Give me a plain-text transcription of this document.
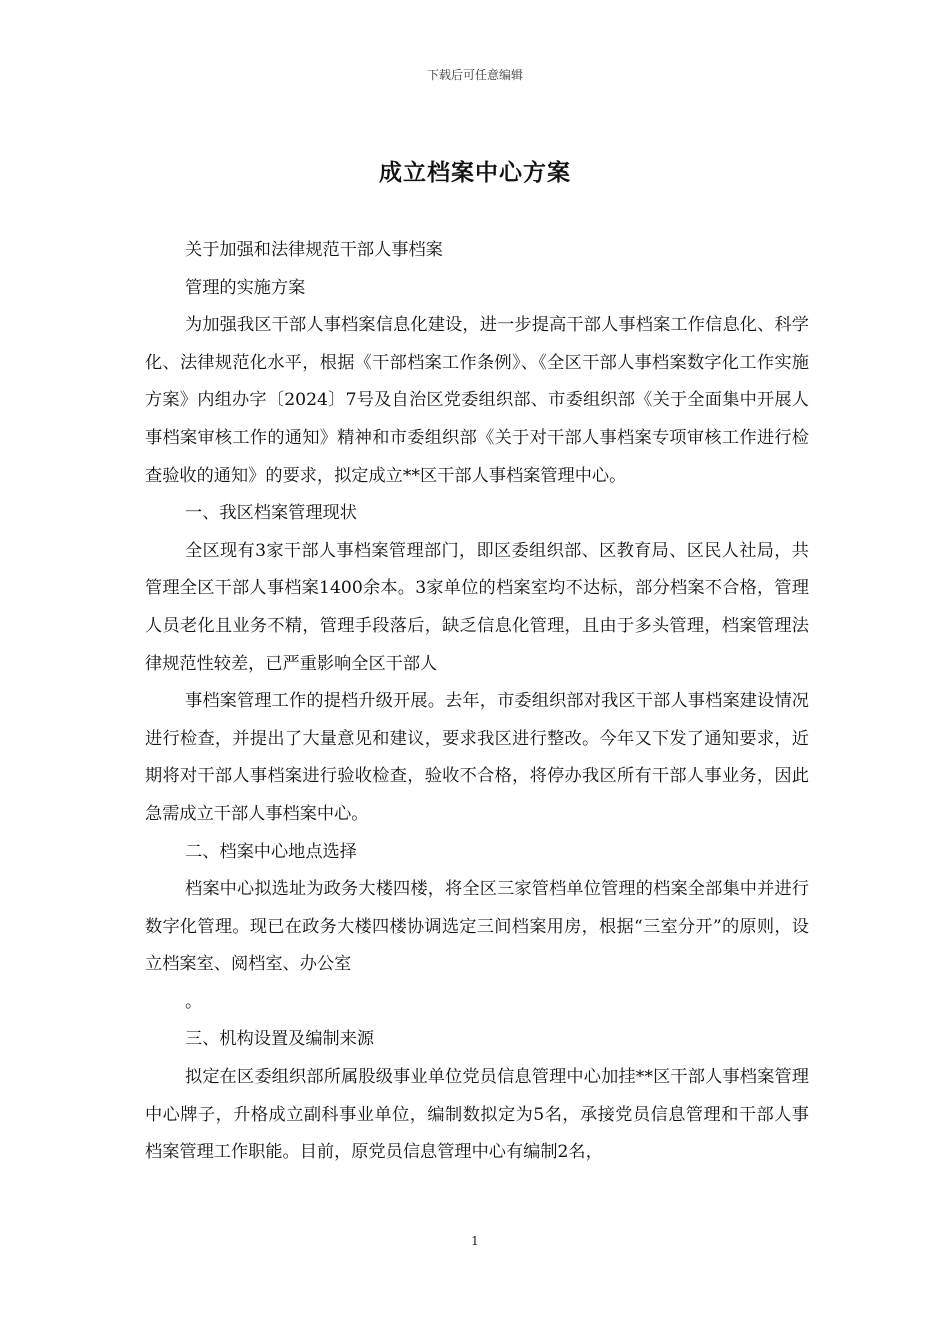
下载后可任意编辑
成立档案中心方案

关于加强和法律规范干部人事档案

管理的实施方案

为加强我区干部人事档案信息化建设，进一步提高干部人事档案工作信息化、科学化、法律规范化水平，根据《干部档案工作条例》、《全区干部人事档案数字化工作实施方案》内组办字〔2024〕7号及自治区党委组织部、市委组织部《关于全面集中开展人事档案审核工作的通知》精神和市委组织部《关于对干部人事档案专项审核工作进行检查验收的通知》的要求，拟定成立**区干部人事档案管理中心。

一、我区档案管理现状

全区现有3家干部人事档案管理部门，即区委组织部、区教育局、区民人社局，共管理全区干部人事档案1400余本。3家单位的档案室均不达标，部分档案不合格，管理人员老化且业务不精，管理手段落后，缺乏信息化管理，且由于多头管理，档案管理法律规范性较差，已严重影响全区干部人

事档案管理工作的提档升级开展。去年，市委组织部对我区干部人事档案建设情况进行检查，并提出了大量意见和建议，要求我区进行整改。今年又下发了通知要求，近期将对干部人事档案进行验收检查，验收不合格，将停办我区所有干部人事业务，因此急需成立干部人事档案中心。

二、档案中心地点选择

档案中心拟选址为政务大楼四楼，将全区三家管档单位管理的档案全部集中并进行数字化管理。现已在政务大楼四楼协调选定三间档案用房，根据“三室分开”的原则，设立档案室、阅档室、办公室

。

三、机构设置及编制来源

拟定在区委组织部所属股级事业单位党员信息管理中心加挂**区干部人事档案管理中心牌子，升格成立副科事业单位，编制数拟定为5名，承接党员信息管理和干部人事档案管理工作职能。目前，原党员信息管理中心有编制2名，

1
